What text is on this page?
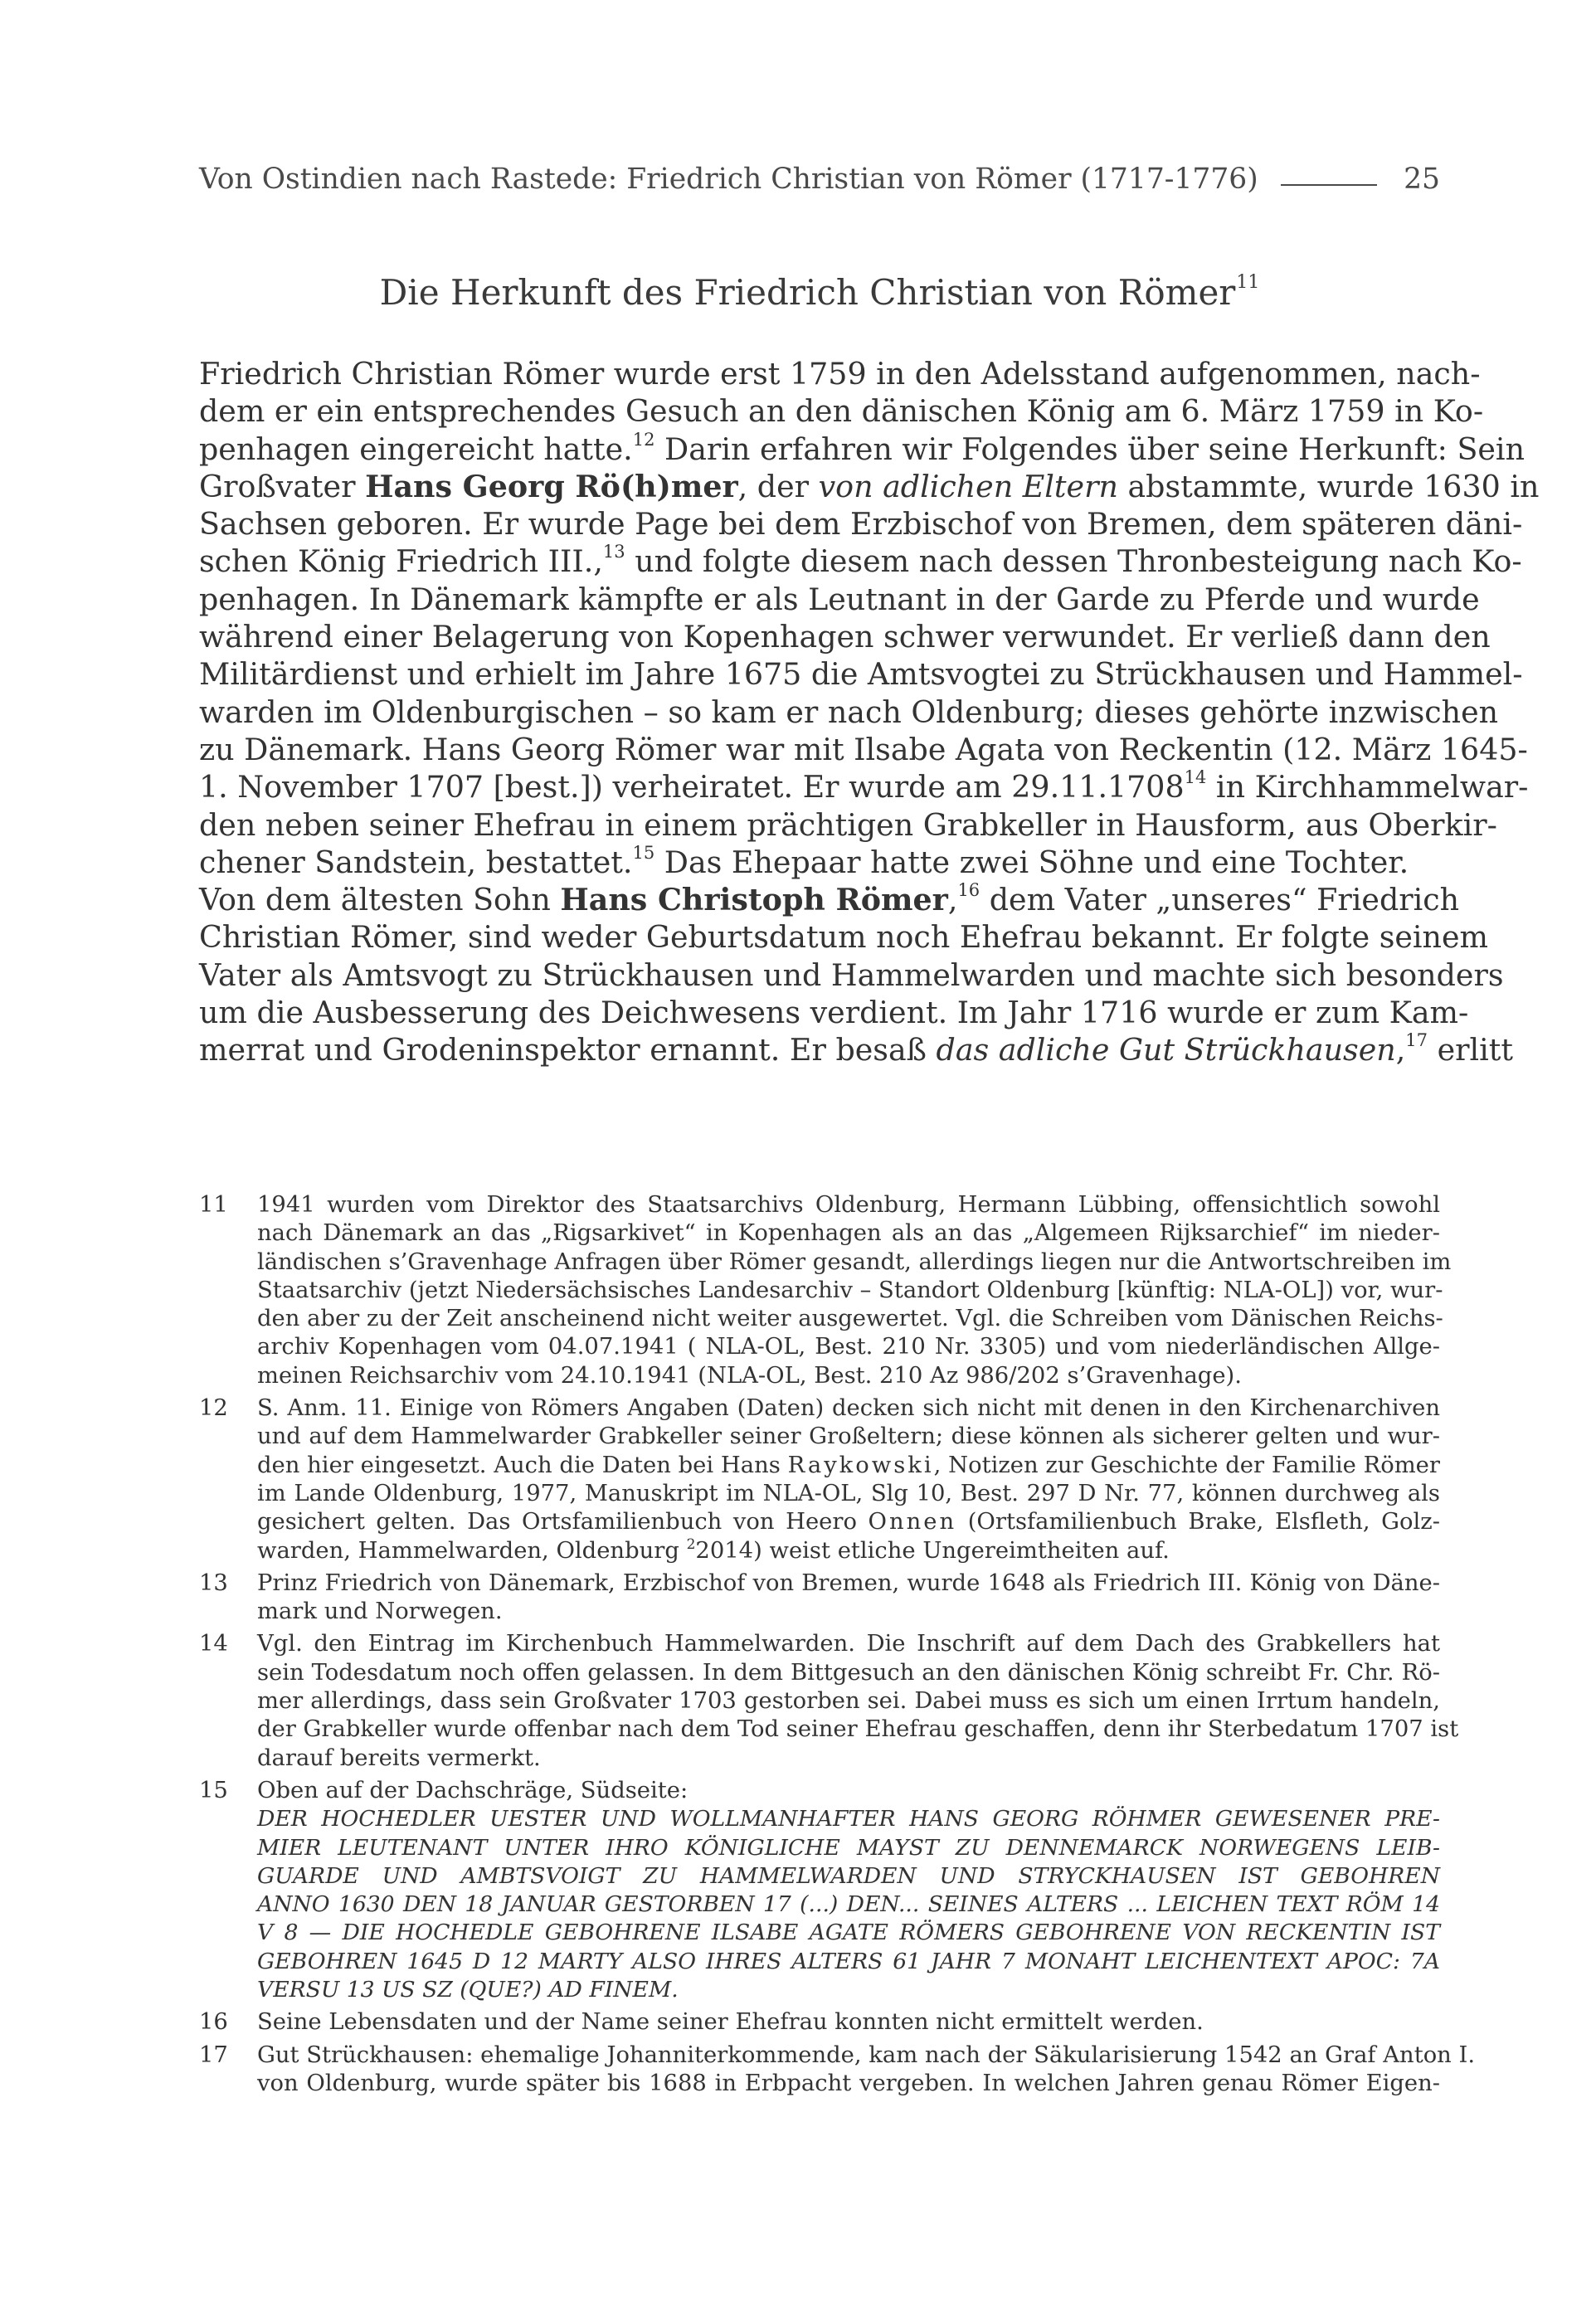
Von Ostindien nach Rastede: Friedrich Christian von Römer (1717-1776)	25
Die Herkunft des Friedrich Christian von Römer$^{11}$
Friedrich Christian Römer wurde erst 1759 in den Adelsstand aufgenommen, nach-
dem er ein entsprechendes Gesuch an den dänischen König am 6. März 1759 in Ko-
penhagen eingereicht hatte.$^{12}$ Darin erfahren wir Folgendes über seine Herkunft: Sein
Großvater Hans Georg Rö(h)mer, der von adlichen Eltern abstammte, wurde 1630 in
Sachsen geboren. Er wurde Page bei dem Erzbischof von Bremen, dem späteren däni-
schen König Friedrich III.,$^{13}$ und folgte diesem nach dessen Thronbesteigung nach Ko-
penhagen. In Dänemark kämpfte er als Leutnant in der Garde zu Pferde und wurde
während einer Belagerung von Kopenhagen schwer verwundet. Er verließ dann den
Militärdienst und erhielt im Jahre 1675 die Amtsvogtei zu Strückhausen und Hammel-
warden im Oldenburgischen – so kam er nach Oldenburg; dieses gehörte inzwischen
zu Dänemark. Hans Georg Römer war mit Ilsabe Agata von Reckentin (12. März 1645-
1. November 1707 [best.]) verheiratet. Er wurde am 29.11.1708$^{14}$ in Kirchhammelwar-
den neben seiner Ehefrau in einem prächtigen Grabkeller in Hausform, aus Oberkir-
chener Sandstein, bestattet.$^{15}$ Das Ehepaar hatte zwei Söhne und eine Tochter.
Von dem ältesten Sohn Hans Christoph Römer,$^{16}$ dem Vater „unseres“ Friedrich
Christian Römer, sind weder Geburtsdatum noch Ehefrau bekannt. Er folgte seinem
Vater als Amtsvogt zu Strückhausen und Hammelwarden und machte sich besonders
um die Ausbesserung des Deichwesens verdient. Im Jahr 1716 wurde er zum Kam-
merrat und Grodeninspektor ernannt. Er besaß das adliche Gut Strückhausen,$^{17}$ erlitt
11 1941 wurden vom Direktor des Staatsarchivs Oldenburg, Hermann Lübbing, offensichtlich sowohl
nach Dänemark an das „Rigsarkivet“ in Kopenhagen als an das „Algemeen Rijksarchief“ im nieder-
ländischen s’Gravenhage Anfragen über Römer gesandt, allerdings liegen nur die Antwortschreiben im
Staatsarchiv (jetzt Niedersächsisches Landesarchiv – Standort Oldenburg [künftig: NLA-OL]) vor, wur-
den aber zu der Zeit anscheinend nicht weiter ausgewertet. Vgl. die Schreiben vom Dänischen Reichs-
archiv Kopenhagen vom 04.07.1941 ( NLA-OL, Best. 210 Nr. 3305) und vom niederländischen Allge-
meinen Reichsarchiv vom 24.10.1941 (NLA-OL, Best. 210 Az 986/202 s’Gravenhage).
12 S. Anm. 11. Einige von Römers Angaben (Daten) decken sich nicht mit denen in den Kirchenarchiven
und auf dem Hammelwarder Grabkeller seiner Großeltern; diese können als sicherer gelten und wur-
den hier eingesetzt. Auch die Daten bei Hans Raykowski, Notizen zur Geschichte der Familie Römer
im Lande Oldenburg, 1977, Manuskript im NLA-OL, Slg 10, Best. 297 D Nr. 77, können durchweg als
gesichert gelten. Das Ortsfamilienbuch von Heero Onnen (Ortsfamilienbuch Brake, Elsfleth, Golz-
warden, Hammelwarden, Oldenburg $^2$2014) weist etliche Ungereimtheiten auf.
13 Prinz Friedrich von Dänemark, Erzbischof von Bremen, wurde 1648 als Friedrich III. König von Däne-
mark und Norwegen.
14 Vgl. den Eintrag im Kirchenbuch Hammelwarden. Die Inschrift auf dem Dach des Grabkellers hat
sein Todesdatum noch offen gelassen. In dem Bittgesuch an den dänischen König schreibt Fr. Chr. Rö-
mer allerdings, dass sein Großvater 1703 gestorben sei. Dabei muss es sich um einen Irrtum handeln,
der Grabkeller wurde offenbar nach dem Tod seiner Ehefrau geschaffen, denn ihr Sterbedatum 1707 ist
darauf bereits vermerkt.
15 Oben auf der Dachschräge, Südseite:
DER HOCHEDLER UESTER UND WOLLMANHAFTER HANS GEORG RÖHMER GEWESENER PRE-
MIER LEUTENANT UNTER IHRO KÖNIGLICHE MAYST ZU DENNEMARCK NORWEGENS LEIB-
GUARDE UND AMBTSVOIGT ZU HAMMELWARDEN UND STRYCKHAUSEN IST GEBOHREN
ANNO 1630 DEN 18 JANUAR GESTORBEN 17 (...) DEN... SEINES ALTERS ... LEICHEN TEXT RÖM 14
V 8 — DIE HOCHEDLE GEBOHRENE ILSABE AGATE RÖMERS GEBOHRENE VON RECKENTIN IST
GEBOHREN 1645 D 12 MARTY ALSO IHRES ALTERS 61 JAHR 7 MONAHT LEICHENTEXT APOC: 7A
VERSU 13 US SZ (QUE?) AD FINEM.
16 Seine Lebensdaten und der Name seiner Ehefrau konnten nicht ermittelt werden.
17 Gut Strückhausen: ehemalige Johanniterkommende, kam nach der Säkularisierung 1542 an Graf Anton I.
von Oldenburg, wurde später bis 1688 in Erbpacht vergeben. In welchen Jahren genau Römer Eigen-
